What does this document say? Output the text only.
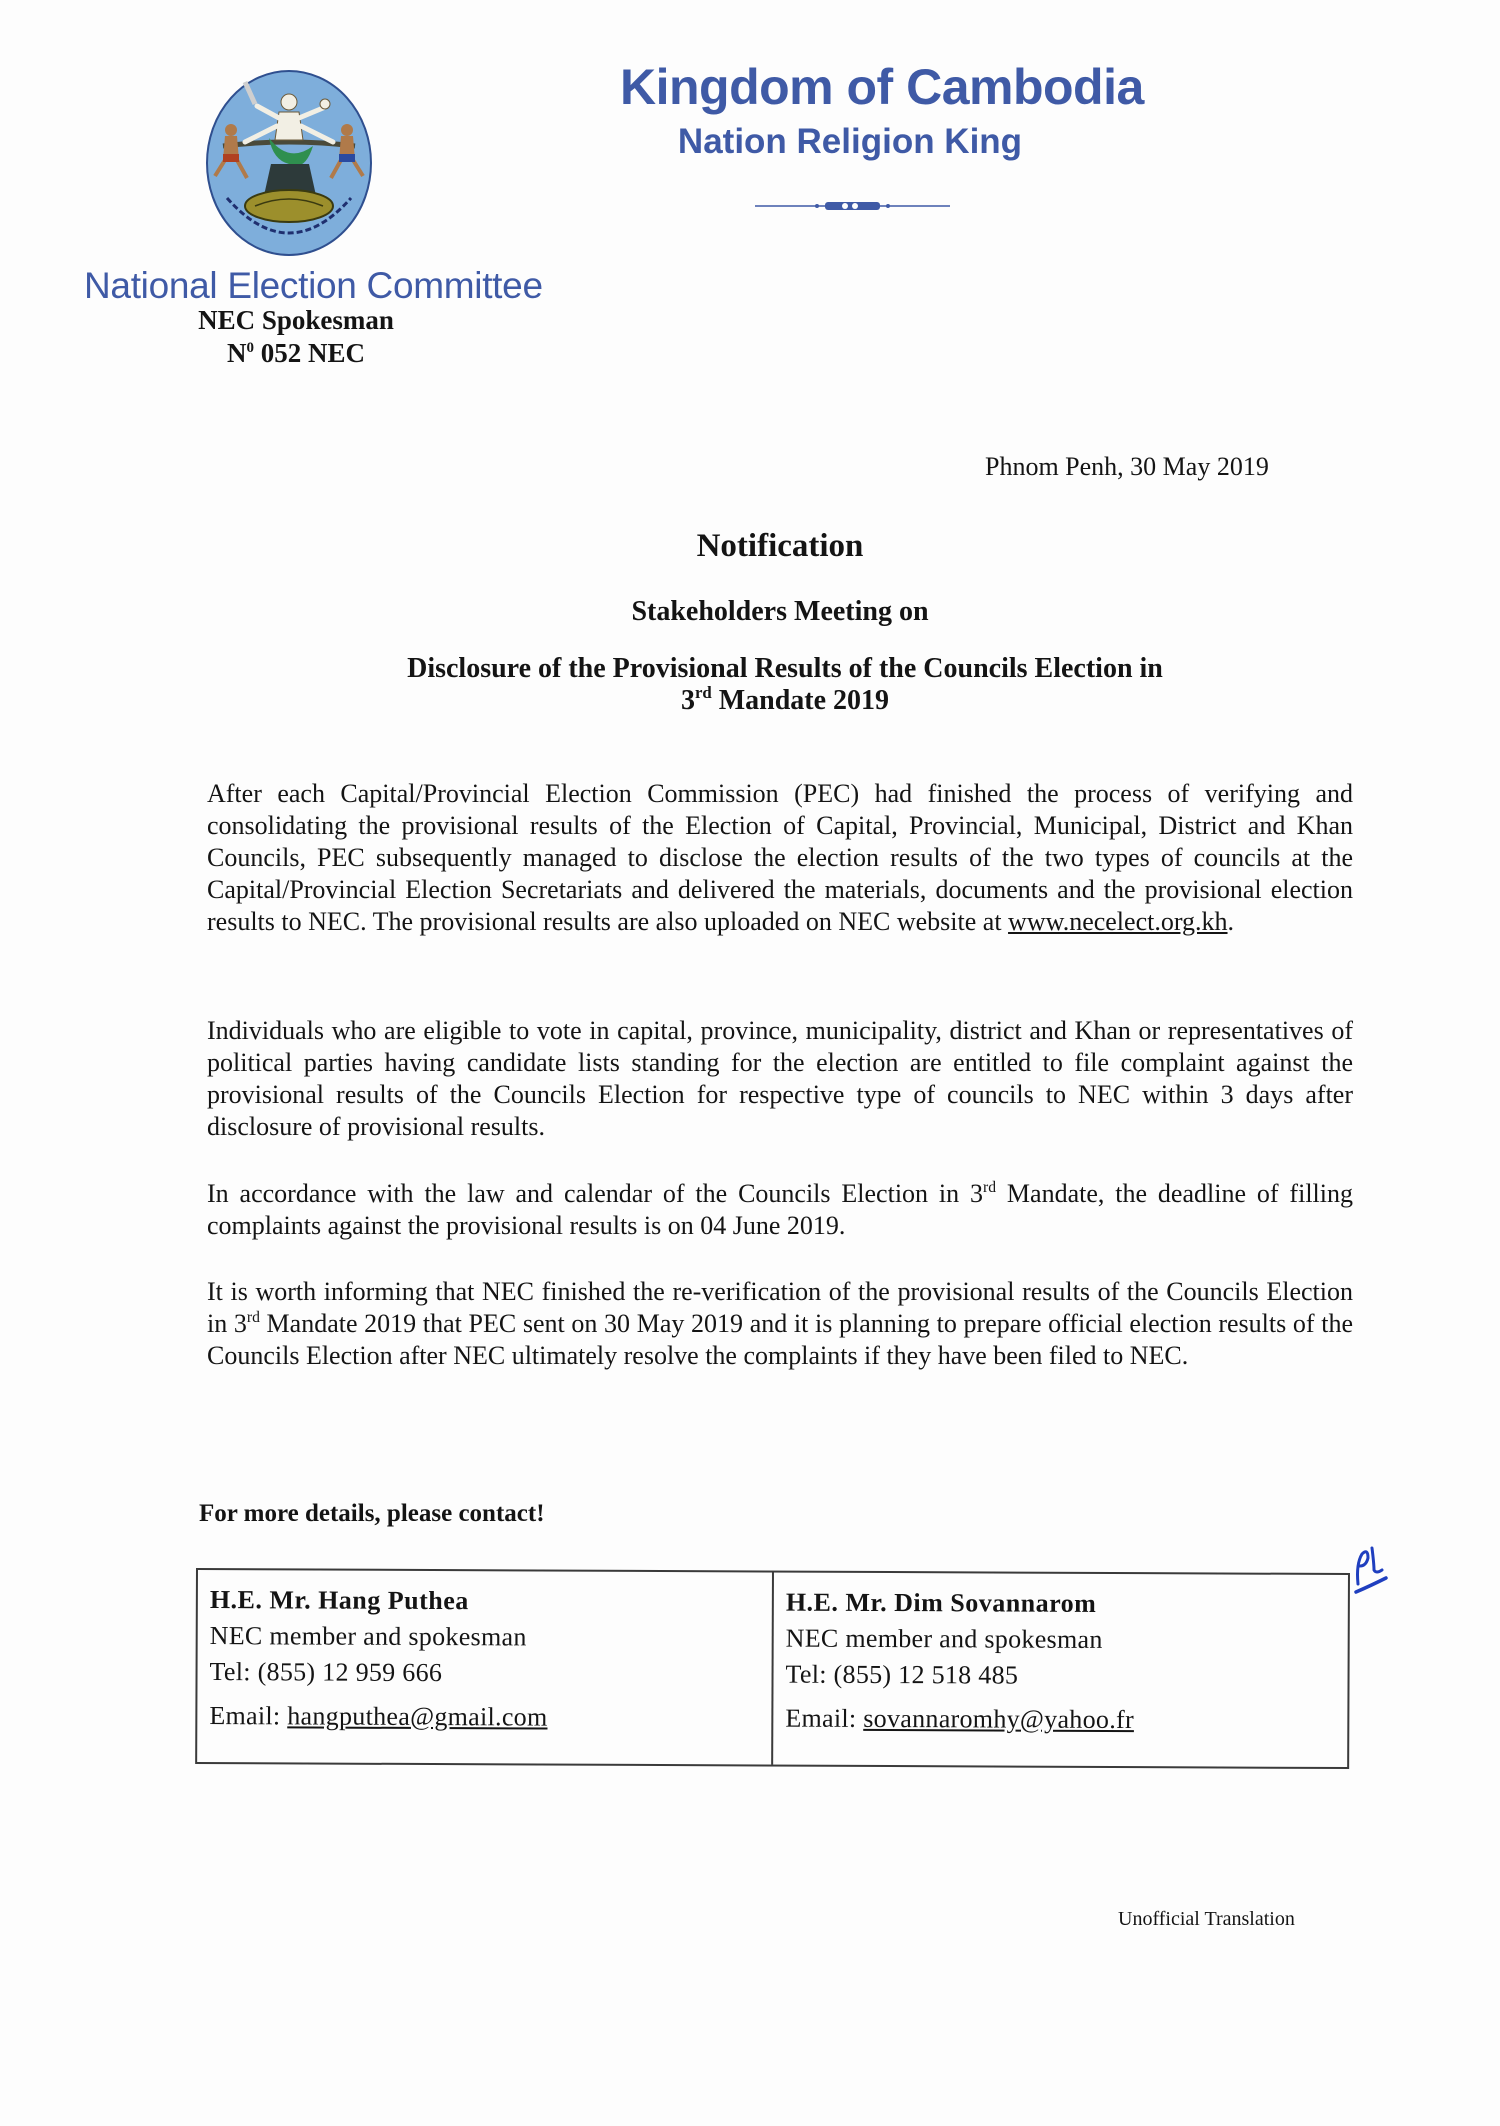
National Election Committee
NEC Spokesman
$N^0$ 052 NEC
Kingdom of Cambodia
Nation Religion King
Phnom Penh, 30 May 2019
Notification
Stakeholders Meeting on
Disclosure of the Provisional Results of the Councils Election in
3rd Mandate 2019
After each Capital/Provincial Election Commission (PEC) had finished the process of verifying and consolidating the provisional results of the Election of Capital, Provincial, Municipal, District and Khan Councils, PEC subsequently managed to disclose the election results of the two types of councils at the Capital/Provincial Election Secretariats and delivered the materials, documents and the provisional election results to NEC. The provisional results are also uploaded on NEC website at www.necelect.org.kh.
Individuals who are eligible to vote in capital, province, municipality, district and Khan or representatives of political parties having candidate lists standing for the election are entitled to file complaint against the provisional results of the Councils Election for respective type of councils to NEC within 3 days after disclosure of provisional results.
In accordance with the law and calendar of the Councils Election in 3rd Mandate, the deadline of filling complaints against the provisional results is on 04 June 2019.
It is worth informing that NEC finished the re-verification of the provisional results of the Councils Election in 3rd Mandate 2019 that PEC sent on 30 May 2019 and it is planning to prepare official election results of the Councils Election after NEC ultimately resolve the complaints if they have been filed to NEC.
For more details, please contact!
H.E. Mr. Hang Puthea
NEC member and spokesman
Tel: (855) 12 959 666
Email: hangputhea@gmail.com
H.E. Mr. Dim Sovannarom
NEC member and spokesman
Tel: (855) 12 518 485
Email: sovannaromhy@yahoo.fr
Unofficial Translation
